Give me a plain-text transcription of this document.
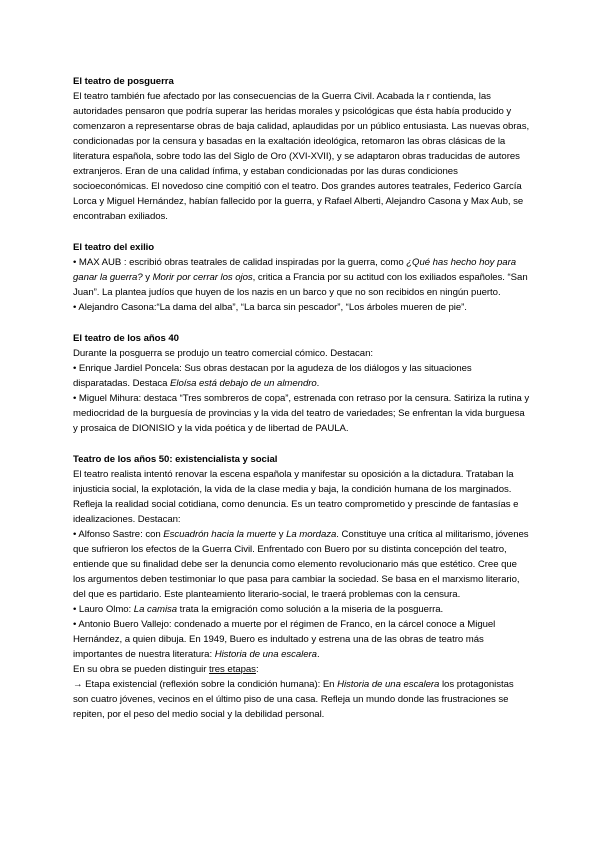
El teatro de posguerra

El teatro también fue afectado por las consecuencias de la Guerra Civil. Acabada la r contienda, las autoridades pensaron que podría superar las heridas morales y psicológicas que ésta había producido y comenzaron a representarse obras de baja calidad, aplaudidas por un público entusiasta. Las nuevas obras, condicionadas por la censura y basadas en la exaltación ideológica, retomaron las obras clásicas de la literatura española, sobre todo las del Siglo de Oro (XVI-XVII), y se adaptaron obras traducidas de autores extranjeros. Eran de una calidad ínfima, y estaban condicionadas por las duras condiciones socioeconómicas. El novedoso cine compitió con el teatro. Dos grandes autores teatrales, Federico García Lorca y Miguel Hernández, habían fallecido por la guerra, y Rafael Alberti, Alejandro Casona y Max Aub, se encontraban exiliados.

El teatro del exilio

• MAX AUB : escribió obras teatrales de calidad inspiradas por la guerra, como ¿Qué has hecho hoy para ganar la guerra? y Morir por cerrar los ojos, critica a Francia por su actitud con los exiliados españoles. “San Juan”. La plantea judíos que huyen de los nazis en un barco y que no son recibidos en ningún puerto.

• Alejandro Casona:“La dama del alba”, “La barca sin pescador”, “Los árboles mueren de pie”.

El teatro de los años 40

Durante la posguerra se produjo un teatro comercial cómico. Destacan:

• Enrique Jardiel Poncela: Sus obras destacan por la agudeza de los diálogos y las situaciones disparatadas. Destaca Eloísa está debajo de un almendro.

• Miguel Mihura: destaca “Tres sombreros de copa”, estrenada con retraso por la censura. Satiriza la rutina y mediocridad de la burguesía de provincias y la vida del teatro de variedades; Se enfrentan la vida burguesa y prosaica de DIONISIO y la vida poética y de libertad de PAULA.

Teatro de los años 50: existencialista y social

El teatro realista intentó renovar la escena española y manifestar su oposición a la dictadura. Trataban la injusticia social, la explotación, la vida de la clase media y baja, la condición humana de los marginados. Refleja la realidad social cotidiana, como denuncia. Es un teatro comprometido y prescinde de fantasías e idealizaciones. Destacan:

• Alfonso Sastre: con Escuadrón hacia la muerte y La mordaza. Constituye una crítica al militarismo, jóvenes que sufrieron los efectos de la Guerra Civil. Enfrentado con Buero por su distinta concepción del teatro, entiende que su finalidad debe ser la denuncia como elemento revolucionario más que estético. Cree que los argumentos deben testimoniar lo que pasa para cambiar la sociedad. Se basa en el marxismo literario, del que es partidario. Este planteamiento literario-social, le traerá problemas con la censura.

• Lauro Olmo: La camisa trata la emigración como solución a la miseria de la posguerra.

• Antonio Buero Vallejo: condenado a muerte por el régimen de Franco, en la cárcel conoce a Miguel Hernández, a quien dibuja. En 1949, Buero es indultado y estrena una de las obras de teatro más importantes de nuestra literatura: Historia de una escalera.

En su obra se pueden distinguir tres etapas:

→ Etapa existencial (reflexión sobre la condición humana): En Historia de una escalera los protagonistas son cuatro jóvenes, vecinos en el último piso de una casa. Refleja un mundo donde las frustraciones se repiten, por el peso del medio social y la debilidad personal.
